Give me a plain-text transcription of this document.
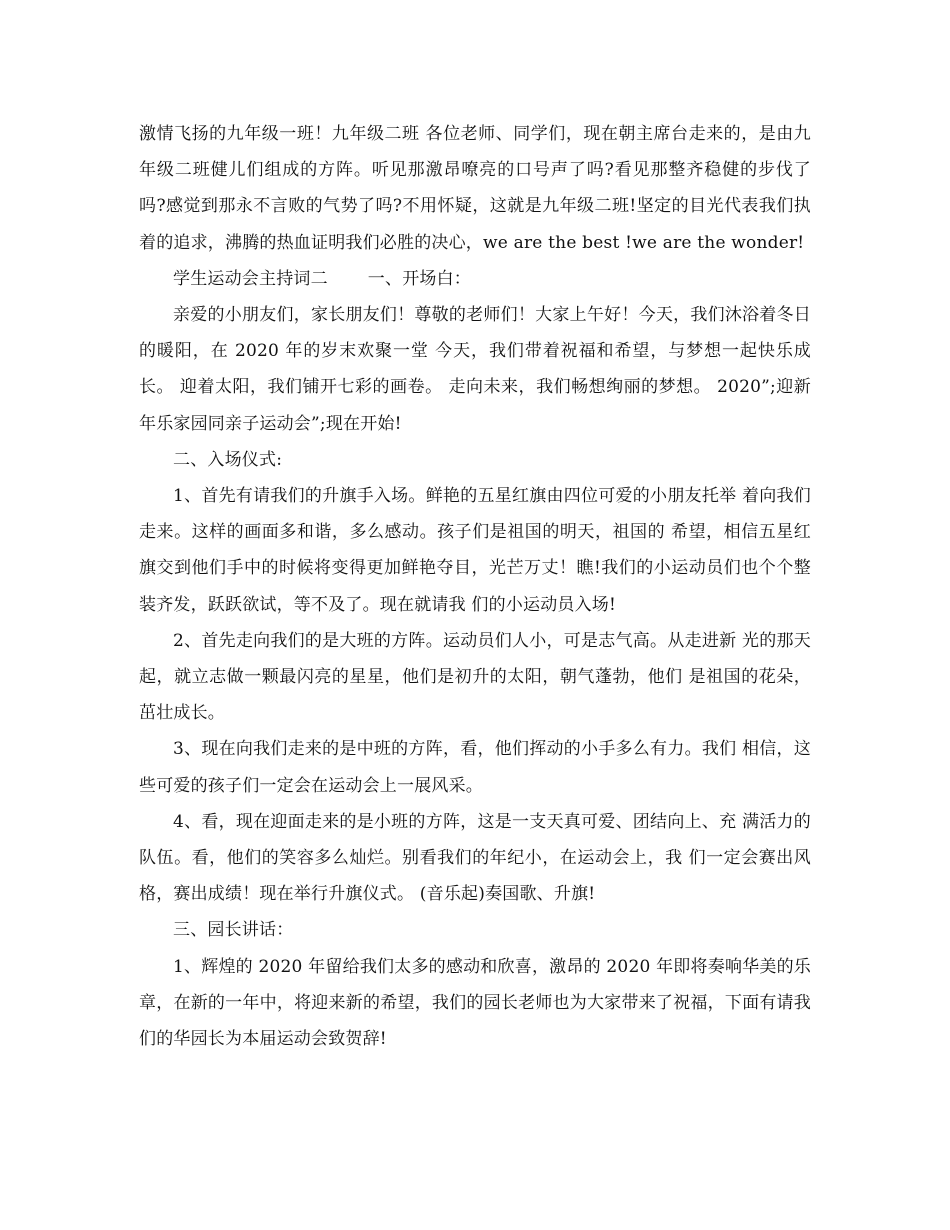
激情飞扬的九年级一班！九年级二班 各位老师、同学们，现在朝主席台走来的，是由九年级二班健儿们组成的方阵。听见那激昂嘹亮的口号声了吗?看见那整齐稳健的步伐了吗?感觉到那永不言败的气势了吗?不用怀疑，这就是九年级二班!坚定的目光代表我们执着的追求，沸腾的热血证明我们必胜的决心，we are the best !we are the wonder!

学生运动会主持词二　　 一、开场白：

亲爱的小朋友们，家长朋友们！尊敬的老师们！大家上午好！今天，我们沐浴着冬日的暖阳，在 2020 年的岁末欢聚一堂 今天，我们带着祝福和希望，与梦想一起快乐成长。 迎着太阳，我们铺开七彩的画卷。 走向未来，我们畅想绚丽的梦想。 2020”;迎新年乐家园同亲子运动会”;现在开始!

二、入场仪式:

1、首先有请我们的升旗手入场。鲜艳的五星红旗由四位可爱的小朋友托举 着向我们走来。这样的画面多和谐，多么感动。孩子们是祖国的明天，祖国的 希望，相信五星红旗交到他们手中的时候将变得更加鲜艳夺目，光芒万丈！瞧!我们的小运动员们也个个整装齐发，跃跃欲试，等不及了。现在就请我 们的小运动员入场!

2、首先走向我们的是大班的方阵。运动员们人小，可是志气高。从走进新 光的那天起，就立志做一颗最闪亮的星星，他们是初升的太阳，朝气蓬勃，他们 是祖国的花朵，茁壮成长。

3、现在向我们走来的是中班的方阵，看，他们挥动的小手多么有力。我们 相信，这些可爱的孩子们一定会在运动会上一展风采。

4、看，现在迎面走来的是小班的方阵，这是一支天真可爱、团结向上、充 满活力的队伍。看，他们的笑容多么灿烂。别看我们的年纪小，在运动会上，我 们一定会赛出风格，赛出成绩！现在举行升旗仪式。 (音乐起)奏国歌、升旗!

三、园长讲话：

1、辉煌的 2020 年留给我们太多的感动和欣喜，激昂的 2020 年即将奏响华美的乐章，在新的一年中，将迎来新的希望，我们的园长老师也为大家带来了祝福，下面有请我们的华园长为本届运动会致贺辞!
